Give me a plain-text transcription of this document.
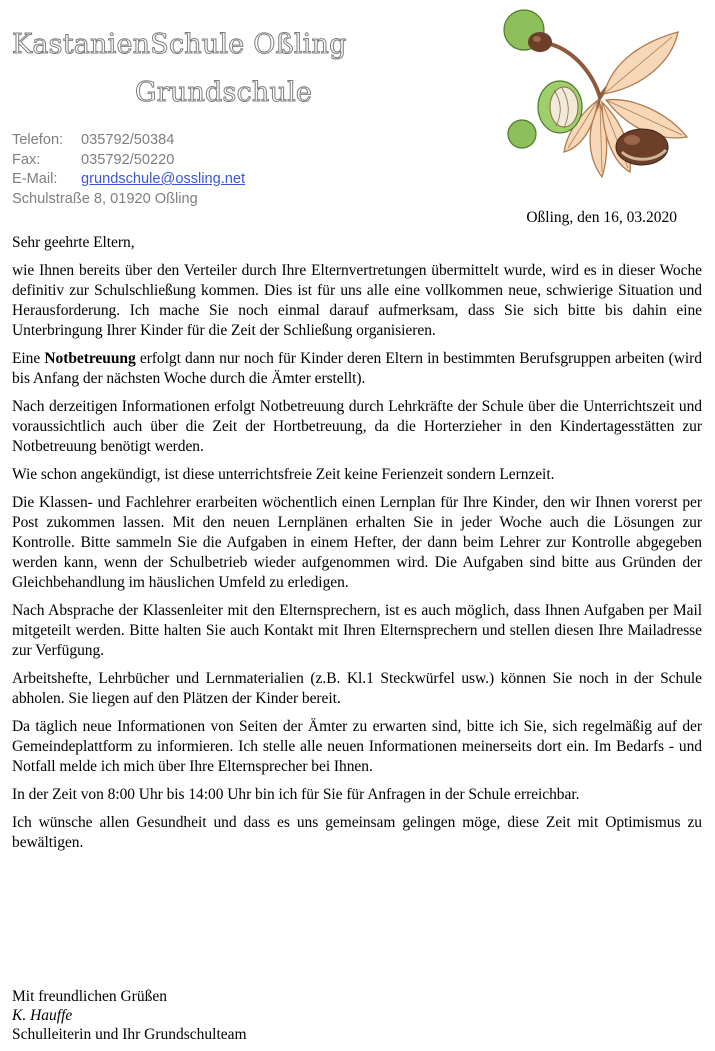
KastanienSchule Oßling
Grundschule
Telefon: 035792/50384
Fax:	035792/50220
E-Mail: grundschule@ossling.net
Schulstraße 8, 01920 Oßling
Oßling, den 16, 03.2020

Sehr geehrte Eltern,

wie Ihnen bereits über den Verteiler durch Ihre Elternvertretungen übermittelt wurde, wird es in dieser Woche definitiv zur Schulschließung kommen. Dies ist für uns alle eine vollkommen neue, schwierige Situation und Herausforderung. Ich mache Sie noch einmal darauf aufmerksam, dass Sie sich bitte bis dahin eine Unterbringung Ihrer Kinder für die Zeit der Schließung organisieren.

Eine Notbetreuung erfolgt dann nur noch für Kinder deren Eltern in bestimmten Berufsgruppen arbeiten (wird bis Anfang der nächsten Woche durch die Ämter erstellt).

Nach derzeitigen Informationen erfolgt Notbetreuung durch Lehrkräfte der Schule über die Unterrichtszeit und voraussichtlich auch über die Zeit der Hortbetreuung, da die Horterzieher in den Kindertagesstätten zur Notbetreuung benötigt werden.

Wie schon angekündigt, ist diese unterrichtsfreie Zeit keine Ferienzeit sondern Lernzeit.

Die Klassen- und Fachlehrer erarbeiten wöchentlich einen Lernplan für Ihre Kinder, den wir Ihnen vorerst per Post zukommen lassen. Mit den neuen Lernplänen erhalten Sie in jeder Woche auch die Lösungen zur Kontrolle. Bitte sammeln Sie die Aufgaben in einem Hefter, der dann beim Lehrer zur Kontrolle abgegeben werden kann, wenn der Schulbetrieb wieder aufgenommen wird. Die Aufgaben sind bitte aus Gründen der Gleichbehandlung im häuslichen Umfeld zu erledigen.

Nach Absprache der Klassenleiter mit den Elternsprechern, ist es auch möglich, dass Ihnen Aufgaben per Mail mitgeteilt werden. Bitte halten Sie auch Kontakt mit Ihren Elternsprechern und stellen diesen Ihre Mailadresse zur Verfügung.

Arbeitshefte, Lehrbücher und Lernmaterialien (z.B. Kl.1 Steckwürfel usw.) können Sie noch in der Schule abholen. Sie liegen auf den Plätzen der Kinder bereit.

Da täglich neue Informationen von Seiten der Ämter zu erwarten sind, bitte ich Sie, sich regelmäßig auf der Gemeindeplattform zu informieren. Ich stelle alle neuen Informationen meinerseits dort ein. Im Bedarfs - und Notfall melde ich mich über Ihre Elternsprecher bei Ihnen.

In der Zeit von 8:00 Uhr bis 14:00 Uhr bin ich für Sie für Anfragen in der Schule erreichbar.

Ich wünsche allen Gesundheit und dass es uns gemeinsam gelingen möge, diese Zeit mit Optimismus zu bewältigen.

Mit freundlichen Grüßen
K. Hauffe
Schulleiterin und Ihr Grundschulteam
